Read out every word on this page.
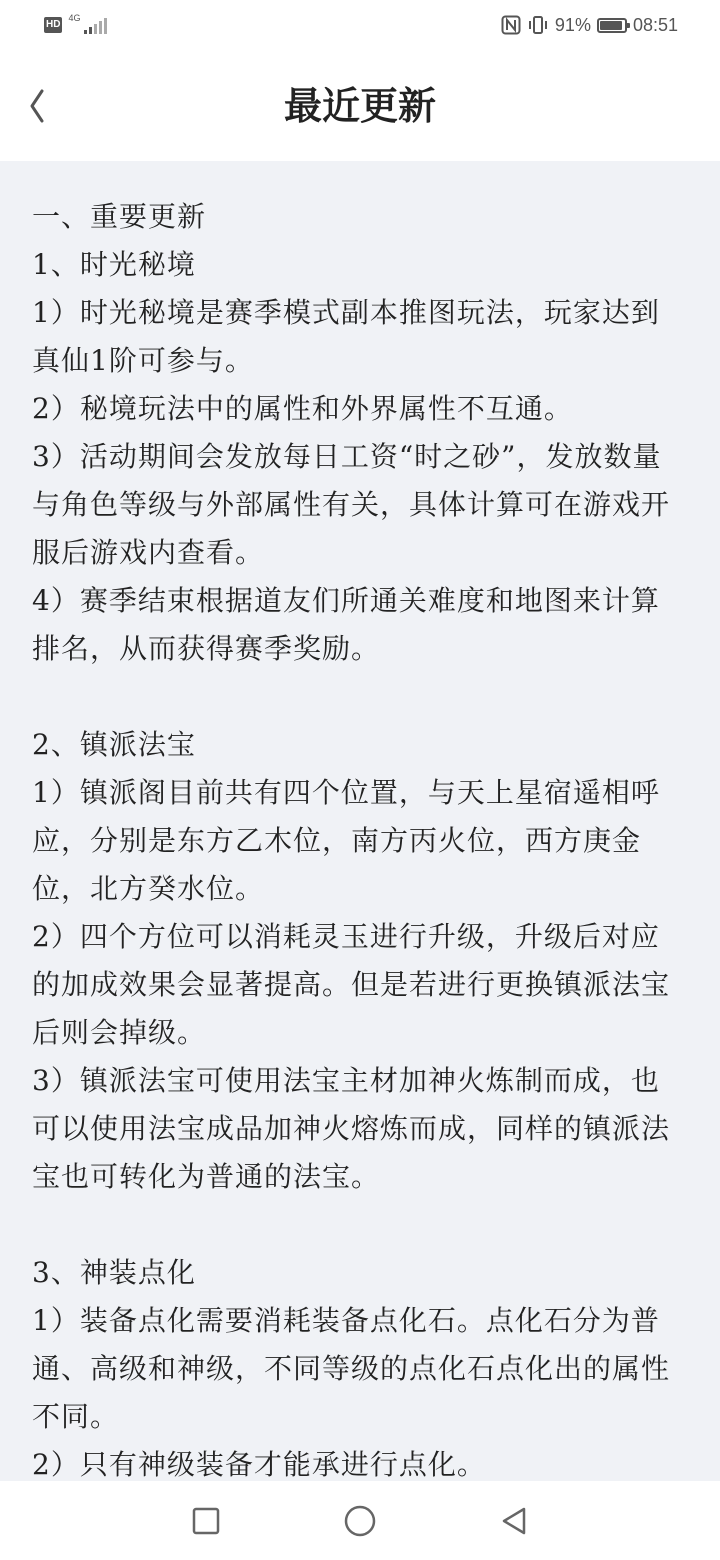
HD
4G	91% 08:51
最近更新

一、重要更新

1、时光秘境

1）时光秘境是赛季模式副本推图玩法，玩家达到真仙1阶可参与。

2）秘境玩法中的属性和外界属性不互通。

3）活动期间会发放每日工资“时之砂”，发放数量与角色等级与外部属性有关，具体计算可在游戏开服后游戏内查看。

4）赛季结束根据道友们所通关难度和地图来计算排名，从而获得赛季奖励。

2、镇派法宝

1）镇派阁目前共有四个位置，与天上星宿遥相呼应，分别是东方乙木位，南方丙火位，西方庚金位，北方癸水位。

2）四个方位可以消耗灵玉进行升级，升级后对应的加成效果会显著提高。但是若进行更换镇派法宝后则会掉级。

3）镇派法宝可使用法宝主材加神火炼制而成，也可以使用法宝成品加神火熔炼而成，同样的镇派法宝也可转化为普通的法宝。

3、神装点化

1）装备点化需要消耗装备点化石。点化石分为普通、高级和神级，不同等级的点化石点化出的属性不同。

2）只有神级装备才能承进行点化。
